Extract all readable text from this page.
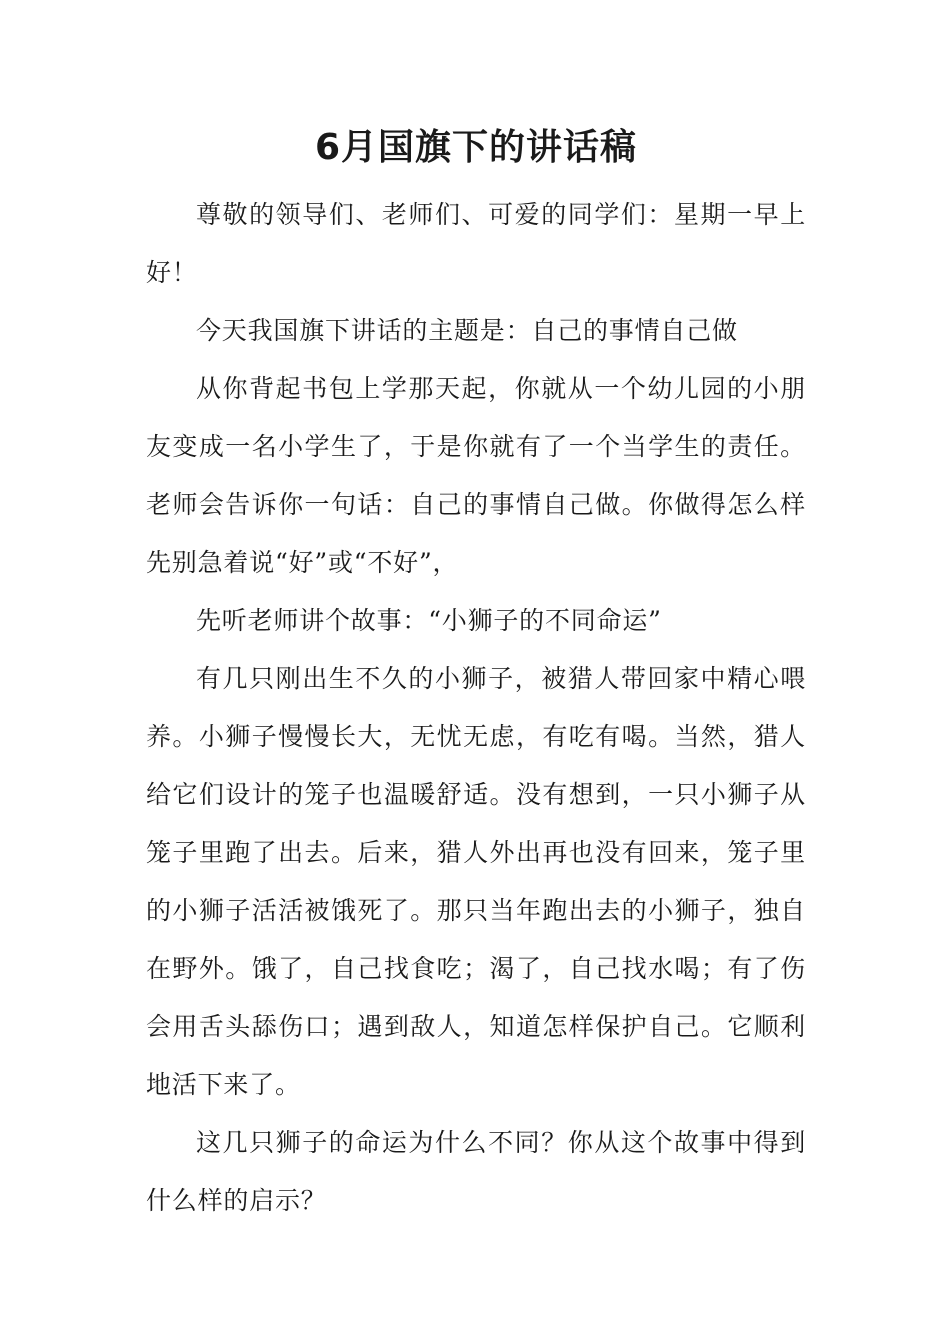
6月国旗下的讲话稿

尊敬的领导们、老师们、可爱的同学们：星期一早上好！

今天我国旗下讲话的主题是：自己的事情自己做

从你背起书包上学那天起，你就从一个幼儿园的小朋友变成一名小学生了，于是你就有了一个当学生的责任。老师会告诉你一句话：自己的事情自己做。你做得怎么样先别急着说“好”或“不好”，

先听老师讲个故事：“小狮子的不同命运”

有几只刚出生不久的小狮子，被猎人带回家中精心喂养。小狮子慢慢长大，无忧无虑，有吃有喝。当然，猎人给它们设计的笼子也温暖舒适。没有想到，一只小狮子从笼子里跑了出去。后来，猎人外出再也没有回来，笼子里的小狮子活活被饿死了。那只当年跑出去的小狮子，独自在野外。饿了，自己找食吃；渴了，自己找水喝；有了伤会用舌头舔伤口；遇到敌人，知道怎样保护自己。它顺利地活下来了。

这几只狮子的命运为什么不同？你从这个故事中得到什么样的启示？
